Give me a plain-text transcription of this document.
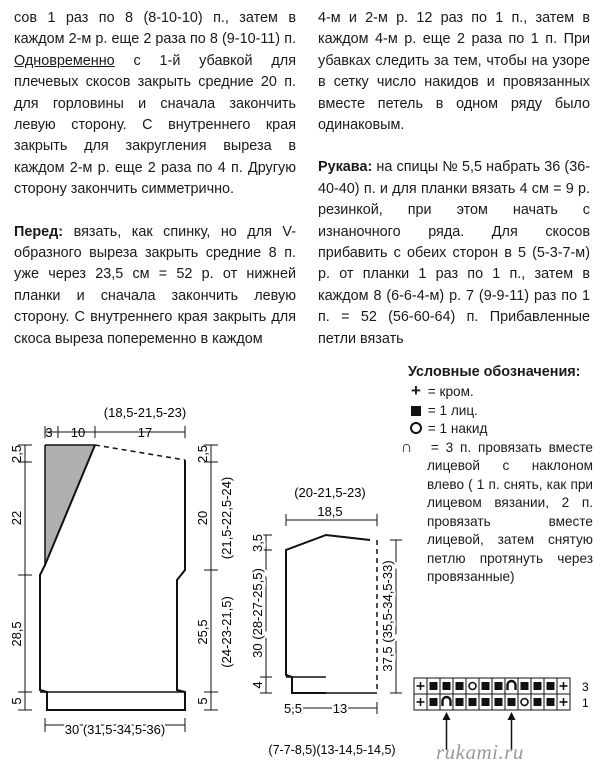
сов 1 раз по 8 (8-10-10) п., затем в каждом 2-м р. еще 2 раза по 8 (9-10-11) п. Одновременно с 1-й убавкой для плечевых скосов закрыть средние 20 п. для горловины и сначала закончить левую сторону. С внутреннего края закрыть для закругления выреза в каждом 2-м р. еще 2 раза по 4 п. Другую сторону закончить симметрично.

Перед: вязать, как спинку, но для V-образного выреза закрыть средние 8 п. уже через 23,5 см = 52 р. от нижней планки и сначала закончить левую сторону. С внутреннего края закрыть для скоса выреза попеременно в каждом

4-м и 2-м р. 12 раз по 1 п., затем в каждом 4-м р. еще 2 раза по 1 п. При убавках следить за тем, чтобы на узоре в сетку число накидов и провязанных вместе петель в одном ряду было одинаковым.

Рукава: на спицы № 5,5 набрать 36 (36-40-40) п. и для планки вязать 4 см = 9 р. резинкой, при этом начать с изнаночного ряда. Для скосов прибавить с обеих сторон в 5 (5-3-7-м) р. от планки 1 раз по 1 п., затем в каждом 8 (6-6-4-м) р. 7 (9-9-11) раз по 1 п. = 52 (56-60-64) п. Прибавленные петли вязать

Условные обозначения:
+ = кром.
= 1 лиц.
= 1 накид

∩ = 3 п. провязать вместе лицевой с наклоном влево ( 1 п. снять, как при лицевом вязании, 2 п. провязать вместе лицевой, затем снятую петлю протянуть через провязанные)

(18,5-21,5-23)
3 10	17
2,5
22
28,5
5
2,5
20 (21,5-22,5-24)
25,5 (24-23-21,5)
5
30 (31,5-34,5-36)
(20-21,5-23)
18,5
3,5
30 (28-27-25,5)
4
37,5 (35,5-34,5-33)
5,5 13
(7-7-8,5)(13-14,5-14,5)
3
1
rukami.ru
